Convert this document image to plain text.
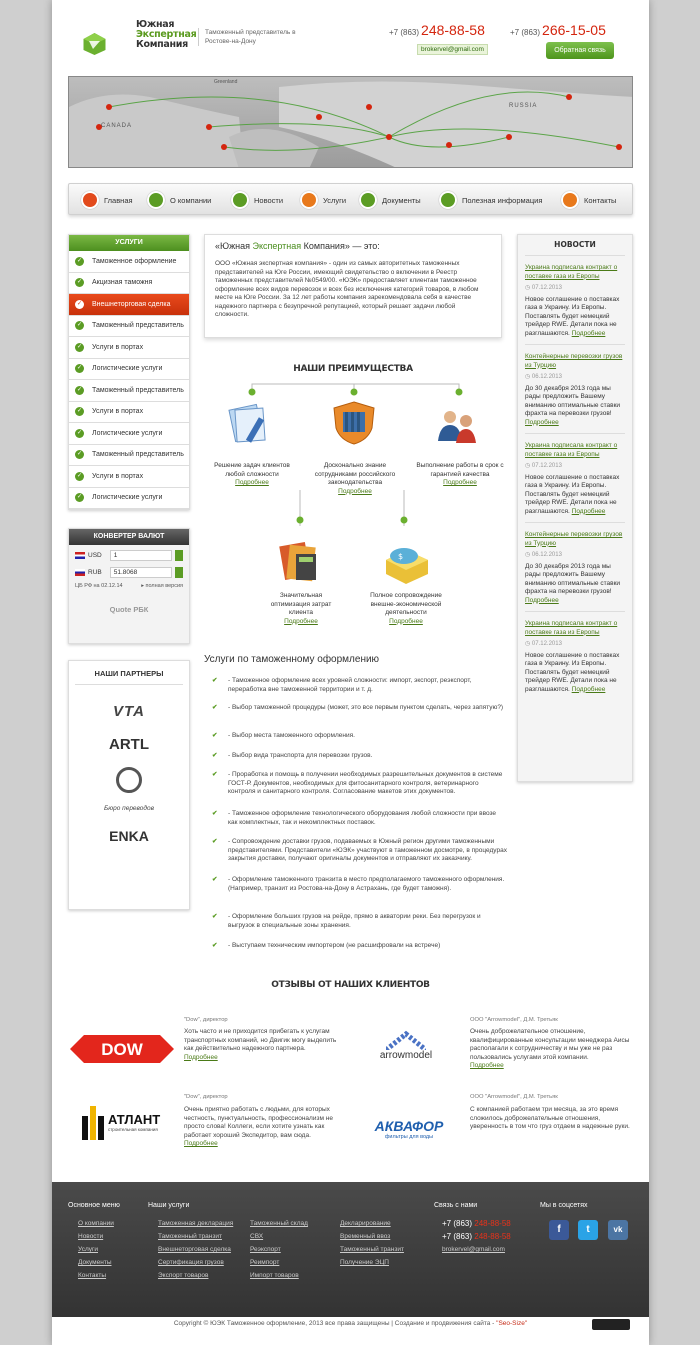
Южная
Экспертная
Компания
Таможенный представитель в Ростове-на-Дону
+7 (863) 248-88-58	+7 (863) 266-15-05
brokervel@gmail.com	Обратная связь
Greenland
RUSSIA
CANADA
Главная	О компании	Новости	Услуги	Документы	Полезная информация	Контакты
УСЛУГИ
✓ Таможенное оформление
✓ Акцизная таможня
✓ Внешнеторговая сделка
✓ Таможенный представитель
✓ Услуги в портах
✓ Логистические услуги
✓ Таможенный представитель
✓ Услуги в портах
✓ Логистические услуги
✓ Таможенный представитель
✓ Услуги в портах
✓ Логистические услуги
КОНВЕРТЕР ВАЛЮТ
USD	1
RUB	51.8068
ЦБ РФ на 02.12.14	▸ полная версия
Quote РБК
НАШИ ПАРТНЕРЫ
VTA
ARTL
Бюро переводов
ENKA
«Южная Экспертная Компания» — это:

ООО «Южная экспертная компания» - один из самых авторитетных таможенных представителей на Юге России, имеющий свидетельство о включении в Реестр таможенных представителей №0549/00. «ЮЭК» предоставляет клиентам таможенное оформление всех видов перевозок и всех без исключения категорий товаров, в любом месте на Юге России. За 12 лет работы компания зарекомендовала себя в качестве надежного партнера с безупречной репутацией, который решает задачи любой сложности.

НАШИ ПРЕИМУЩЕСТВА
Решение задач клиентов любой сложности
Подробнее
Досконально знание сотрудниками российского законодательства
Подробнее
Выполнение работы в срок с гарантией качества
Подробнее
$
Значительная оптимизация затрат клиента
Подробнее
Полное сопровождение внешне-экономической деятельности
Подробнее
Услуги по таможенному оформлению
✔ - Таможенное оформление всех уровней сложности: импорт, экспорт, реэкспорт, переработка вне таможенной территории и т. д.
✔ - Выбор таможенной процедуры (может, это все первым пунктом сделать, через запятую?)
✔ - Выбор места таможенного оформления.
✔ - Выбор вида транспорта для перевозки грузов.
✔ - Проработка и помощь в получении необходимых разрешительных документов в системе ГОСТ-Р. Документов, необходимых для фитосанитарного контроля, ветеринарного контроля и санитарного контроля. Согласование макетов этих документов.
✔ - Таможенное оформление технологического оборудования любой сложности при ввозе как комплектных, так и некомплектных поставок.
✔ - Сопровождение доставки грузов, подаваемых в Южный регион другими таможенными представителями. Представители «ЮЭК» участвуют в таможенном досмотре, в процедурах закрытия доставки, получают оригиналы документов и отправляют их заказчику.
✔ - Оформление таможенного транзита в место предполагаемого таможенного оформления. (Например, транзит из Ростова-на-Дону в Астрахань, где будет таможня).
✔ - Оформление больших грузов на рейде, прямо в акватории реки. Без перегрузок и выгрузок в специальные зоны хранения.
✔ - Выступаем техническим импортером (не расшифровали на встрече)
НОВОСТИ
Украина подписала контракт о поставке газа из Европы
◷ 07.12.2013
Новое соглашение о поставках газа в Украину. Из Европы. Поставлять будет немецкий трейдер RWE. Детали пока не разглашаются. Подробнее
Контейнерные перевозки грузов из Турцию
◷ 06.12.2013
До 30 декабря 2013 года мы рады предложить Вашему вниманию оптимальные ставки фрахта на перевозки грузов! Подробнее
Украина подписала контракт о поставке газа из Европы
◷ 07.12.2013
Новое соглашение о поставках газа в Украину. Из Европы. Поставлять будет немецкий трейдер RWE. Детали пока не разглашаются. Подробнее
Контейнерные перевозки грузов из Турцию
◷ 06.12.2013
До 30 декабря 2013 года мы рады предложить Вашему вниманию оптимальные ставки фрахта на перевозки грузов! Подробнее
Украина подписала контракт о поставке газа из Европы
◷ 07.12.2013
Новое соглашение о поставках газа в Украину. Из Европы. Поставлять будет немецкий трейдер RWE. Детали пока не разглашаются. Подробнее
ОТЗЫВЫ ОТ НАШИХ КЛИЕНТОВ
DOW
"Dow", директор
Хоть часто и не приходится прибегать к услугам транспортных компаний, но Двигик могу выделить как действительно надежного партнера.
Подробнее	arrowmodel
ООО "Arrowmodel", Д.М. Третьяк
Очень доброжелательное отношение, квалифицированные консультации менеджера Аисы располагали к сотрудничеству и мы уже не раз пользовались услугами этой компании.
Подробнее
АТЛАНТ
строительная компания
"Dow", директор
Очень приятно работать с людьми, для которых честность, пунктуальность, профессионализм не просто слова! Коллеги, если хотите узнать как работает хороший Экспедитор, вам сюда.
Подробнее
АКВАФОР
фильтры для воды
ООО "Arrowmodel", Д.М. Третьяк
С компанией работаем три месяца, за это время сложилось доброжелательные отношения, уверенность в том что груз отдаем в надежные руки.
Основное меню
О компании
Новости
Услуги
Документы
Контакты
Наши услуги
Таможенная декларация
Таможенный транзит
Внешнеторговая сделка
Сертификация грузов
Экспорт товаров
Таможенный склад
СВХ
Реэкспорт
Реимпорт
Импорт товаров
Декларирование
Временный ввоз
Таможенный транзит
Получение ЭЦП
Связь с нами
+7 (863) 248-88-58
+7 (863) 248-88-58
brokervel@gmail.com
Мы в соцсетях
f	t	vk
Copyright © ЮЭК Таможенное оформление, 2013 все права защищены | Создание и продвижения сайта - "Seo-Size"
